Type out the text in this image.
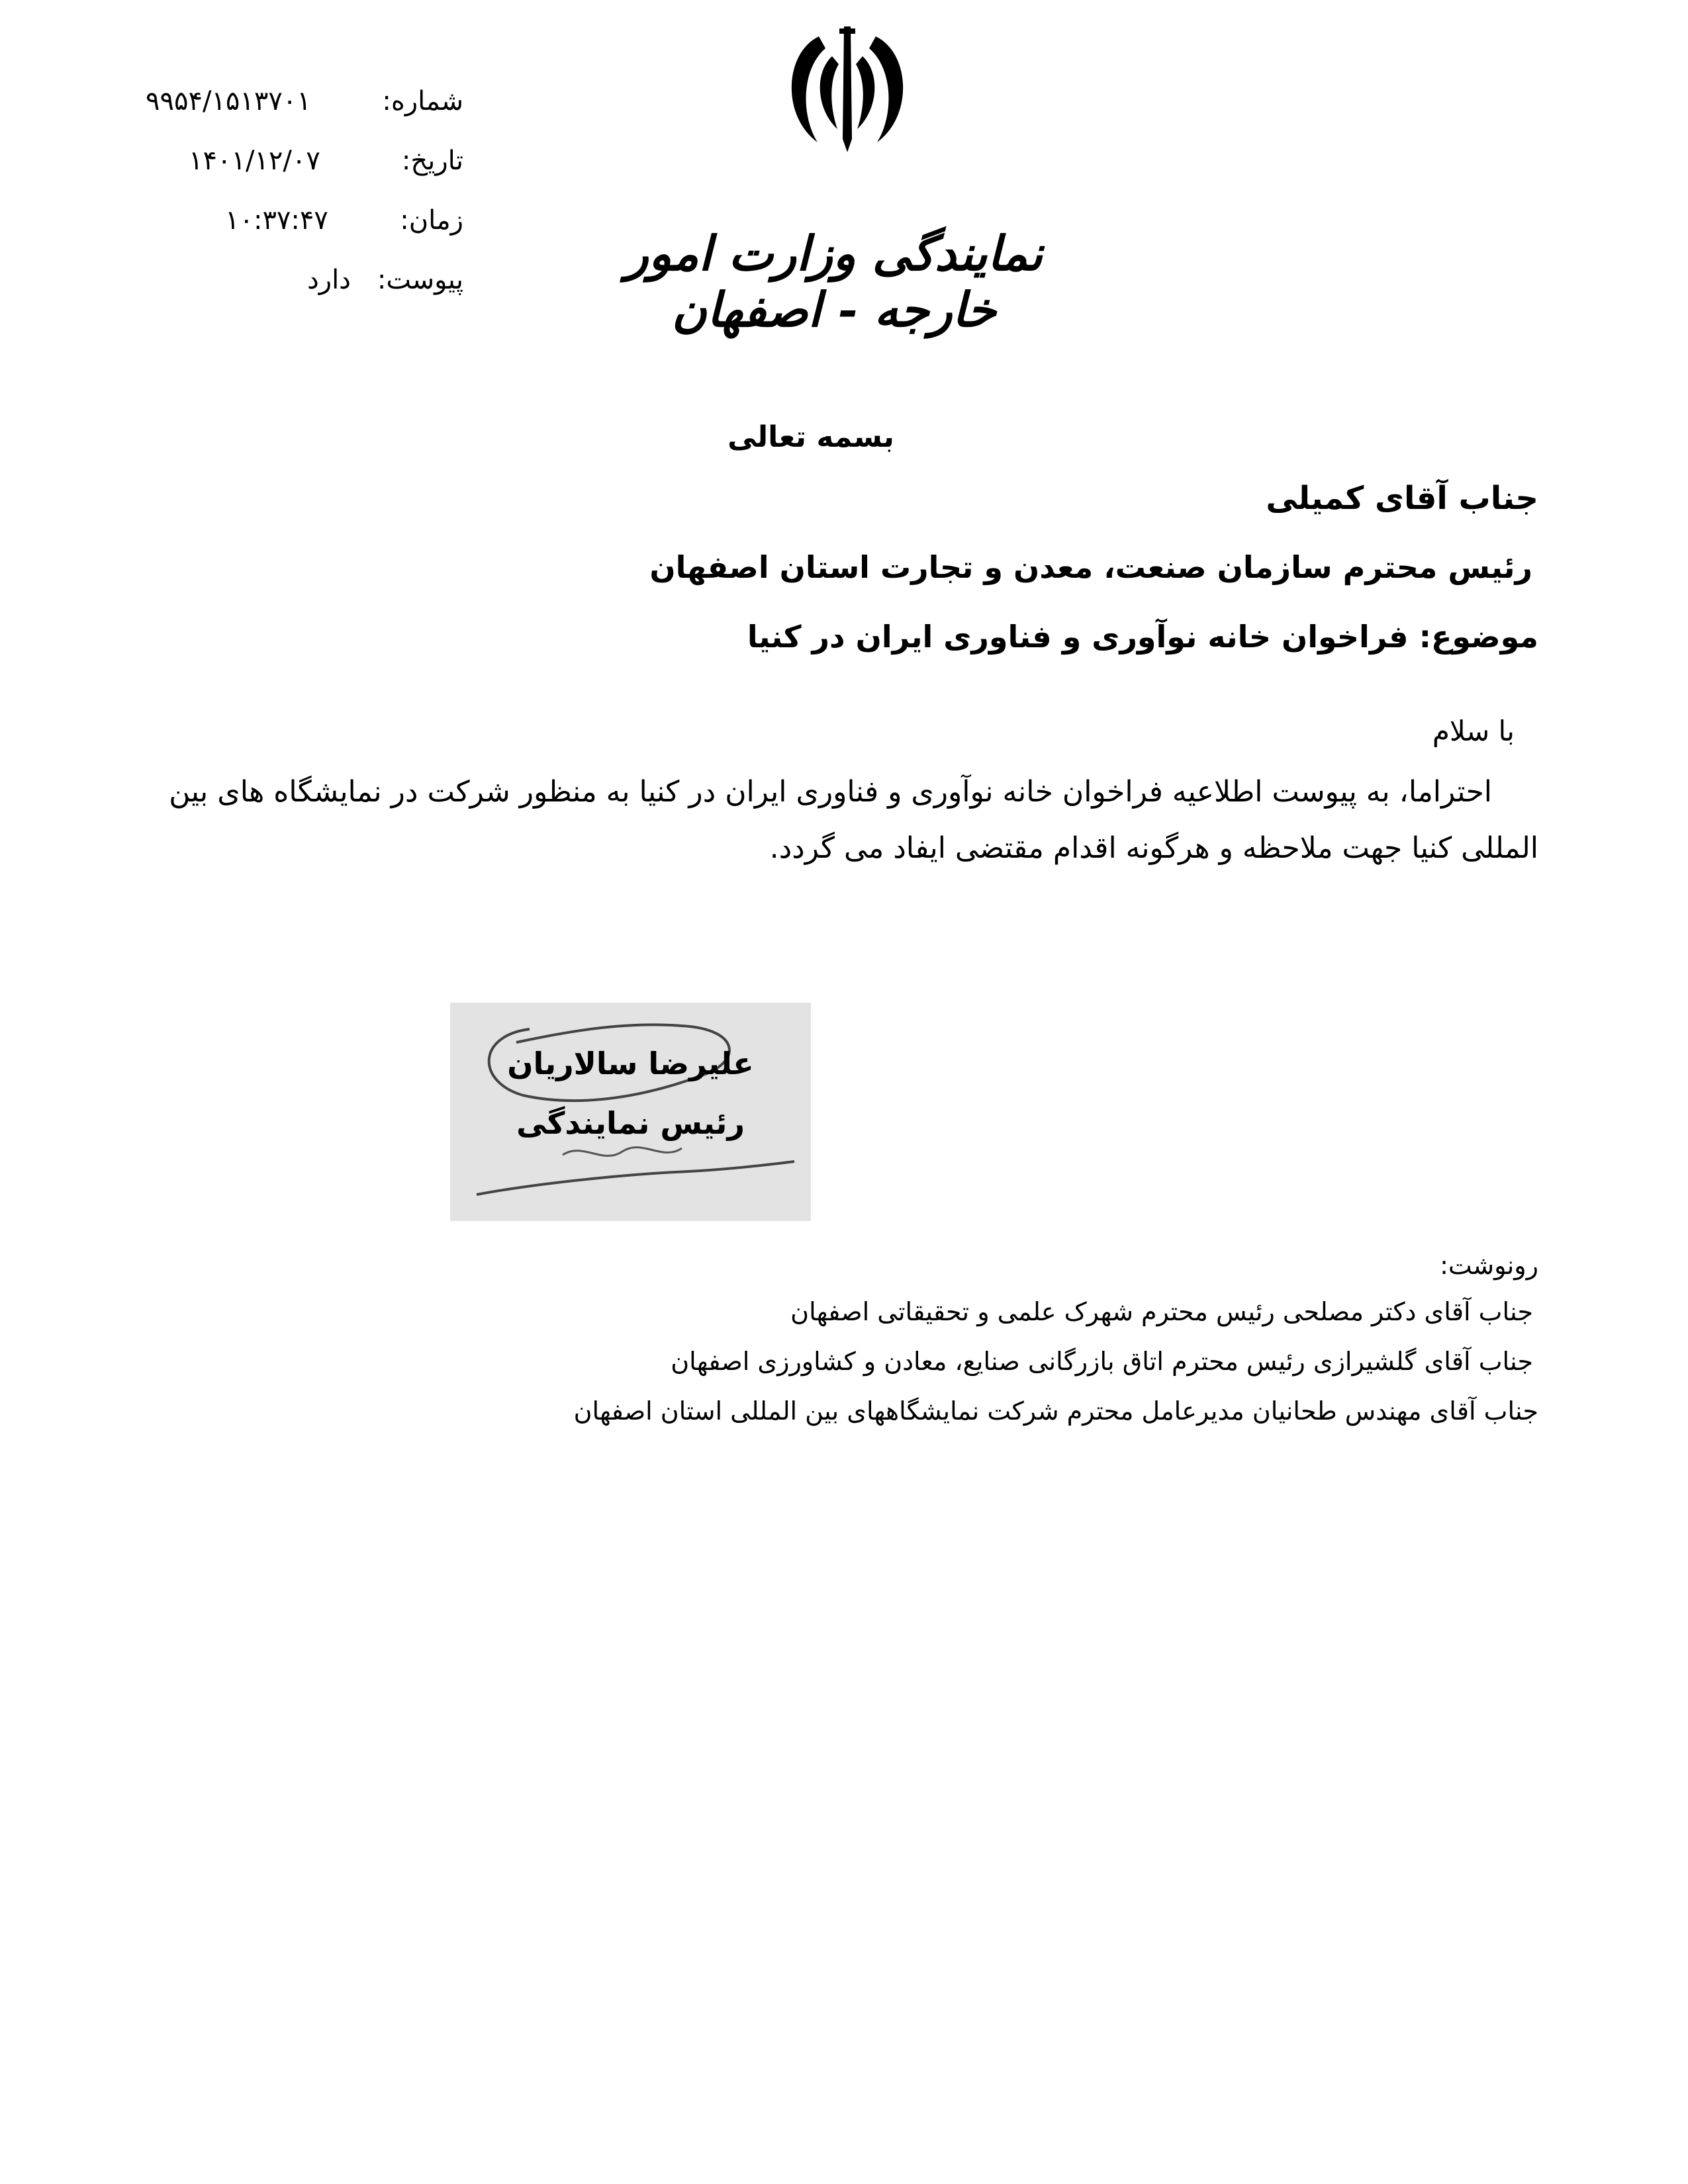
شماره:
۹۹۵۴/۱۵۱۳۷۰۱
تاریخ:
۱۴۰۱/۱۲/۰۷
زمان:
۱۰:۳۷:۴۷
پیوست:
دارد	نمایندگی وزارت امور خارجه - اصفهان
بسمه تعالی
جناب آقای کمیلی
رئیس محترم سازمان صنعت، معدن و تجارت استان اصفهان
موضوع: فراخوان خانه نوآوری و فناوری ایران در کنیا
با سلام
احتراما، به پیوست اطلاعیه فراخوان خانه نوآوری و فناوری ایران در کنیا به منظور شرکت در نمایشگاه های بین
المللی کنیا جهت ملاحظه و هرگونه اقدام مقتضی ایفاد می گردد.
علیرضا سالاریان
رئیس نمایندگی
رونوشت:
جناب آقای دکتر مصلحی رئیس محترم شهرک علمی و تحقیقاتی اصفهان
جناب آقای گلشیرازی رئیس محترم اتاق بازرگانی صنایع، معادن و کشاورزی اصفهان
جناب آقای مهندس طحانیان مدیرعامل محترم شرکت نمایشگاههای بین المللی استان اصفهان
